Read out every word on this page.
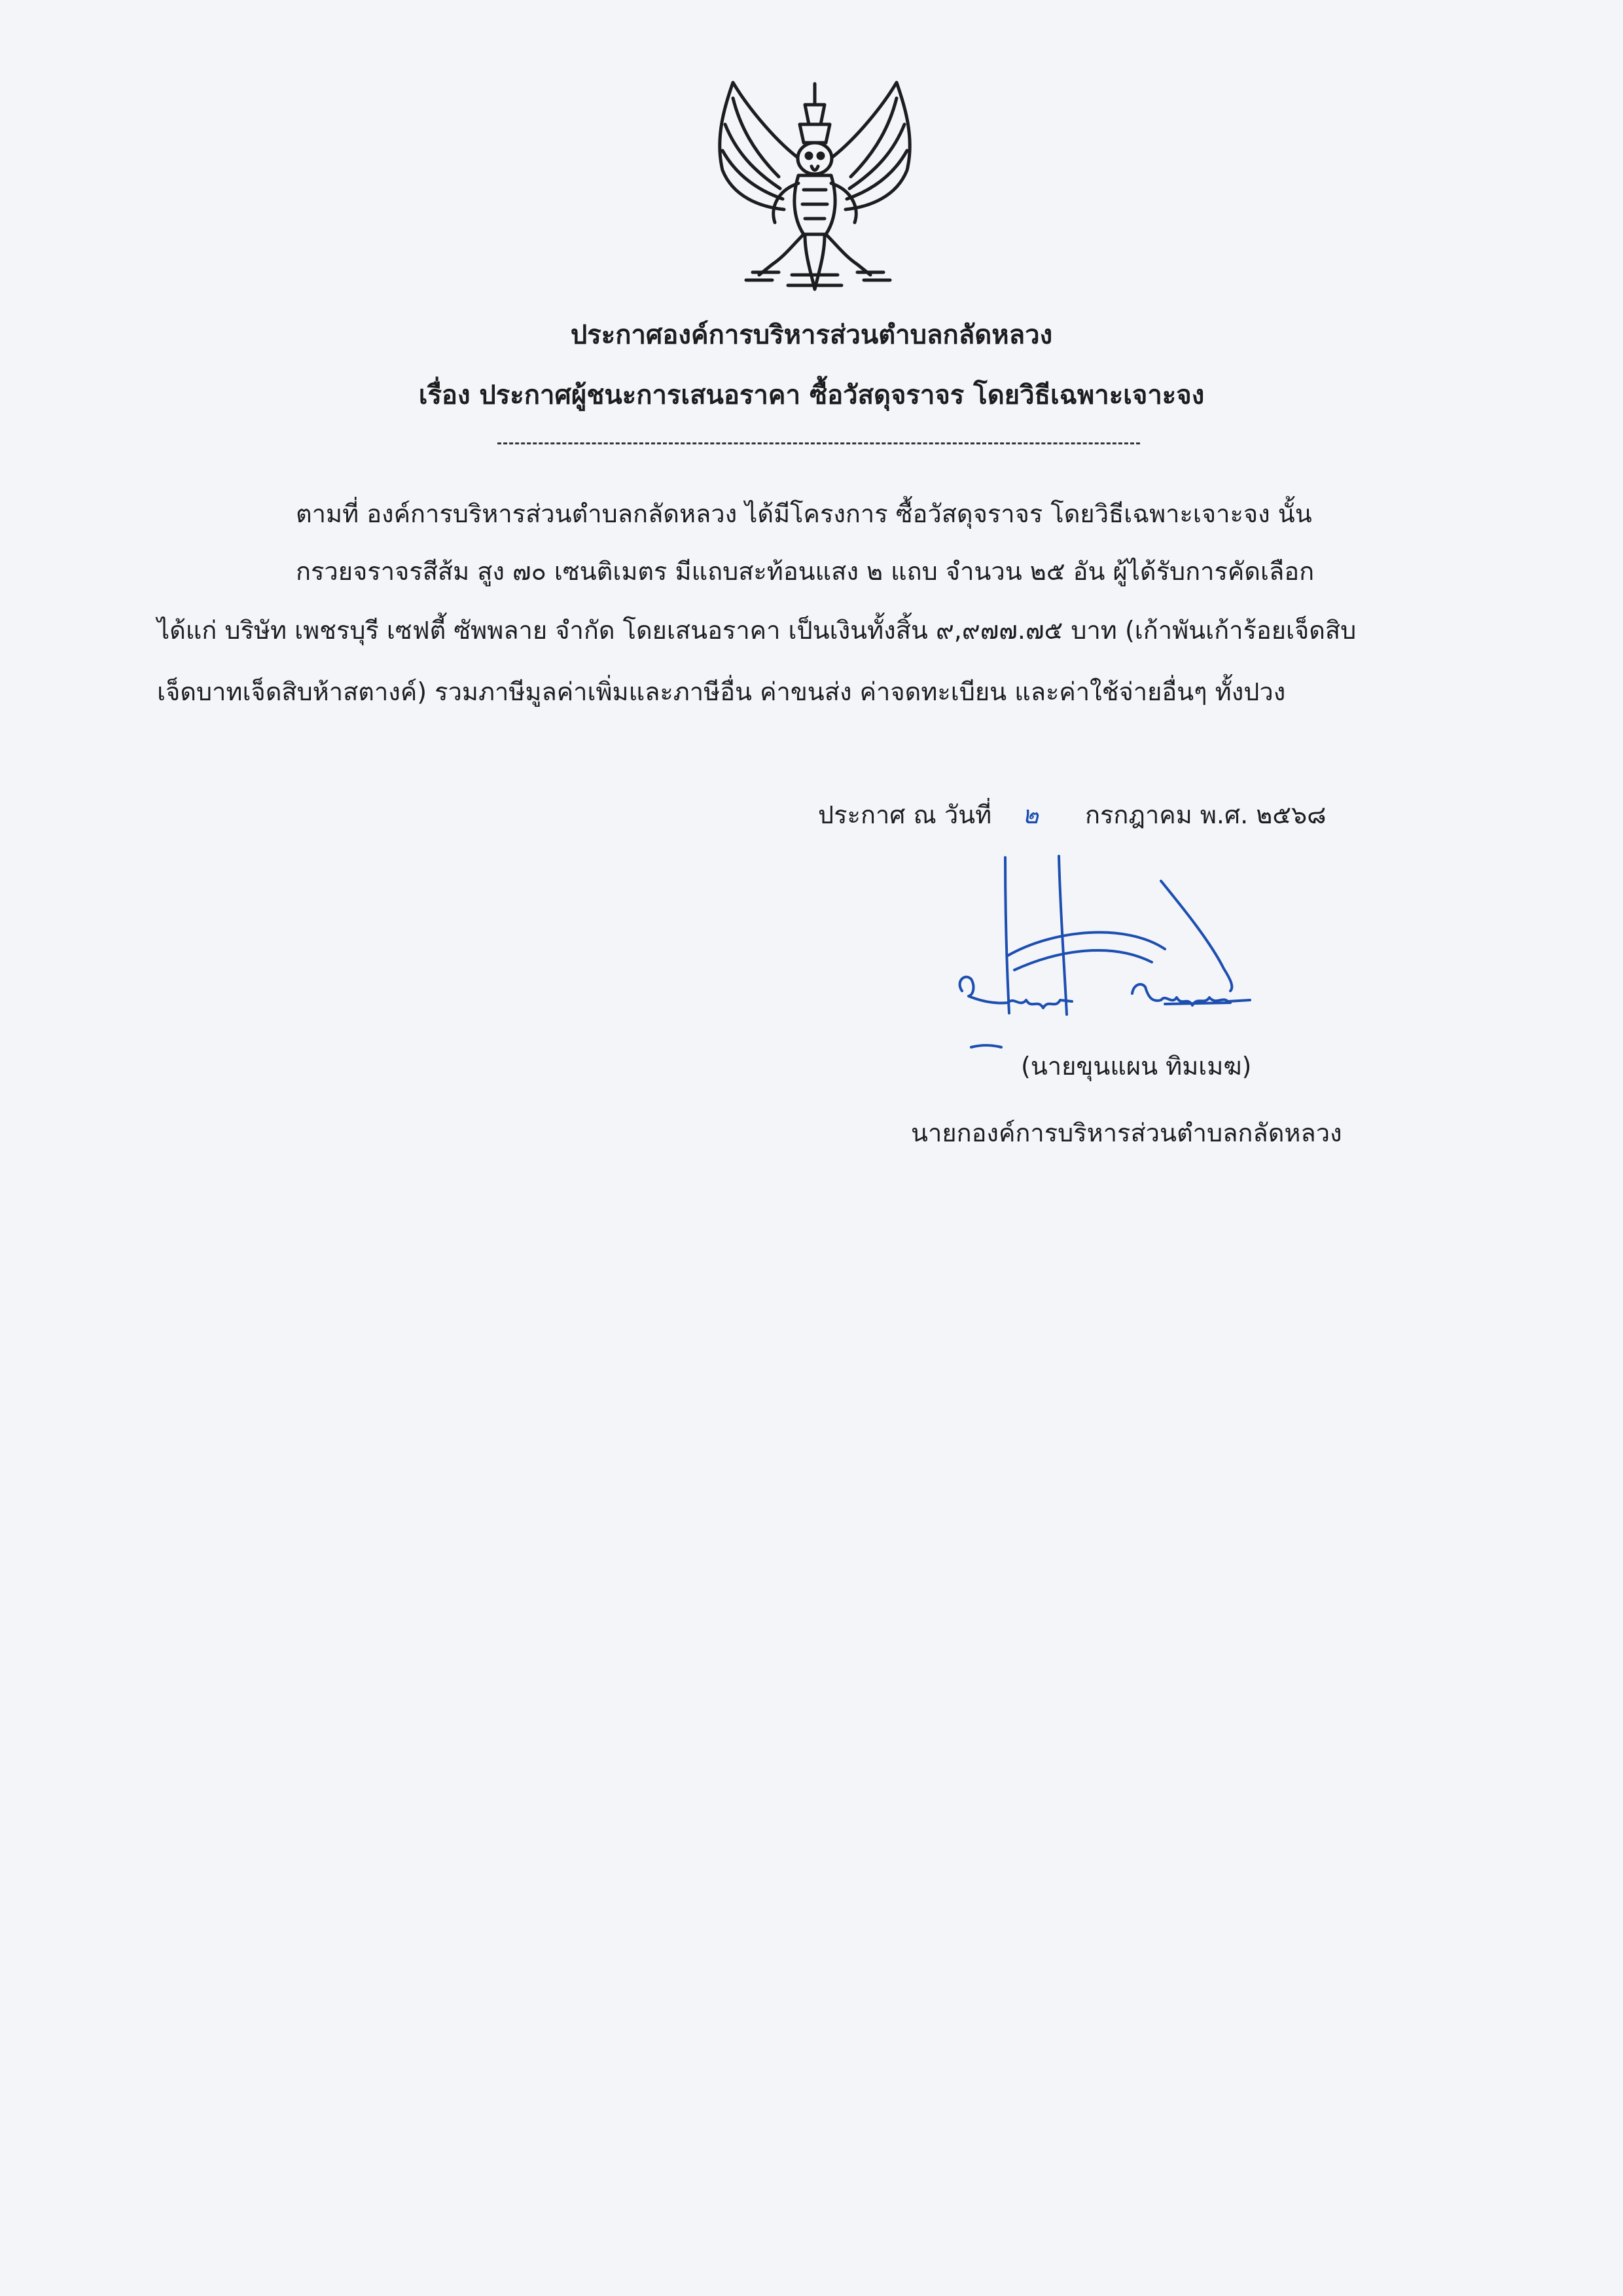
ประกาศองค์การบริหารส่วนตำบลกลัดหลวง
เรื่อง ประกาศผู้ชนะการเสนอราคา ซื้อวัสดุจราจร โดยวิธีเฉพาะเจาะจง
ตามที่ องค์การบริหารส่วนตำบลกลัดหลวง ได้มีโครงการ ซื้อวัสดุจราจร โดยวิธีเฉพาะเจาะจง นั้น
กรวยจราจรสีส้ม สูง ๗๐ เซนติเมตร มีแถบสะท้อนแสง ๒ แถบ จำนวน ๒๕ อัน ผู้ได้รับการคัดเลือก
ได้แก่ บริษัท เพชรบุรี เซฟตี้ ซัพพลาย จำกัด โดยเสนอราคา เป็นเงินทั้งสิ้น ๙,๙๗๗.๗๕ บาท (เก้าพันเก้าร้อยเจ็ดสิบ
เจ็ดบาทเจ็ดสิบห้าสตางค์) รวมภาษีมูลค่าเพิ่มและภาษีอื่น ค่าขนส่ง ค่าจดทะเบียน และค่าใช้จ่ายอื่นๆ ทั้งปวง
ประกาศ ณ วันที่ ๒ กรกฎาคม พ.ศ. ๒๕๖๘
(นายขุนแผน ทิมเมฆ)
นายกองค์การบริหารส่วนตำบลกลัดหลวง
